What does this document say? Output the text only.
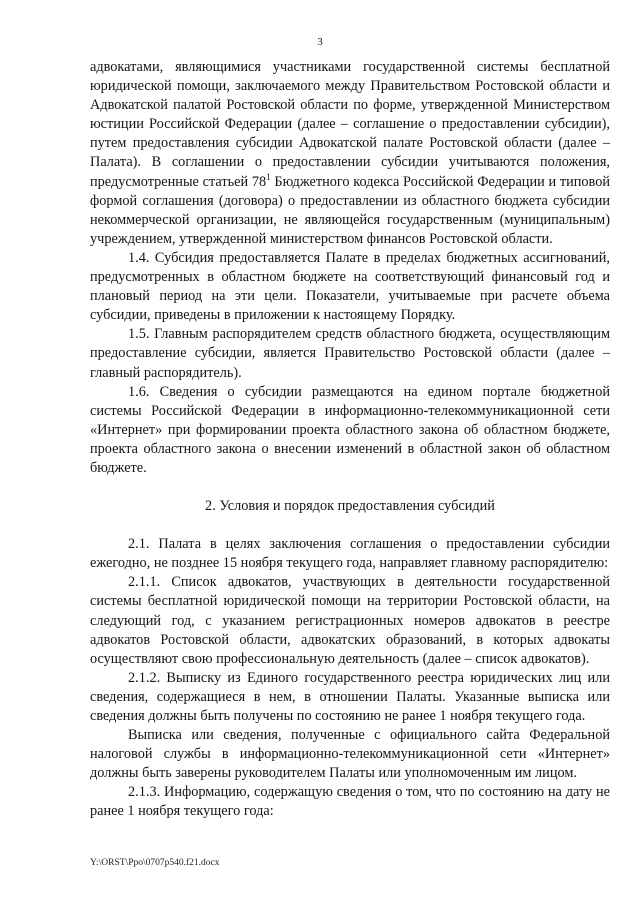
3

адвокатами, являющимися участниками государственной системы бесплатной юридической помощи, заключаемого между Правительством Ростовской области и Адвокатской палатой Ростовской области по форме, утвержденной Министерством юстиции Российской Федерации (далее – соглашение о предоставлении субсидии), путем предоставления субсидии Адвокатской палате Ростовской области (далее – Палата). В соглашении о предоставлении субсидии учитываются положения, предусмотренные статьей $78^1$ Бюджетного кодекса Российской Федерации и типовой формой соглашения (договора) о предоставлении из областного бюджета субсидии некоммерческой организации, не являющейся государственным (муниципальным) учреждением, утвержденной министерством финансов Ростовской области.

1.4. Субсидия предоставляется Палате в пределах бюджетных ассигнований, предусмотренных в областном бюджете на соответствующий финансовый год и плановый период на эти цели. Показатели, учитываемые при расчете объема субсидии, приведены в приложении к настоящему Порядку.

1.5. Главным распорядителем средств областного бюджета, осуществляющим предоставление субсидии, является Правительство Ростовской области (далее – главный распорядитель).

1.6. Сведения о субсидии размещаются на едином портале бюджетной системы Российской Федерации в информационно-телекоммуникационной сети «Интернет» при формировании проекта областного закона об областном бюджете, проекта областного закона о внесении изменений в областной закон об областном бюджете.

2. Условия и порядок предоставления субсидий

2.1. Палата в целях заключения соглашения о предоставлении субсидии ежегодно, не позднее 15 ноября текущего года, направляет главному распорядителю:

2.1.1. Список адвокатов, участвующих в деятельности государственной системы бесплатной юридической помощи на территории Ростовской области, на следующий год, с указанием регистрационных номеров адвокатов в реестре адвокатов Ростовской области, адвокатских образований, в которых адвокаты осуществляют свою профессиональную деятельность (далее – список адвокатов).

2.1.2. Выписку из Единого государственного реестра юридических лиц или сведения, содержащиеся в нем, в отношении Палаты. Указанные выписка или сведения должны быть получены по состоянию не ранее 1 ноября текущего года.

Выписка или сведения, полученные с официального сайта Федеральной налоговой службы в информационно-телекоммуникационной сети «Интернет» должны быть заверены руководителем Палаты или уполномоченным им лицом.

2.1.3. Информацию, содержащую сведения о том, что по состоянию на дату не ранее 1 ноября текущего года:

Y:\ORST\Ppo\0707p540.f21.docx
